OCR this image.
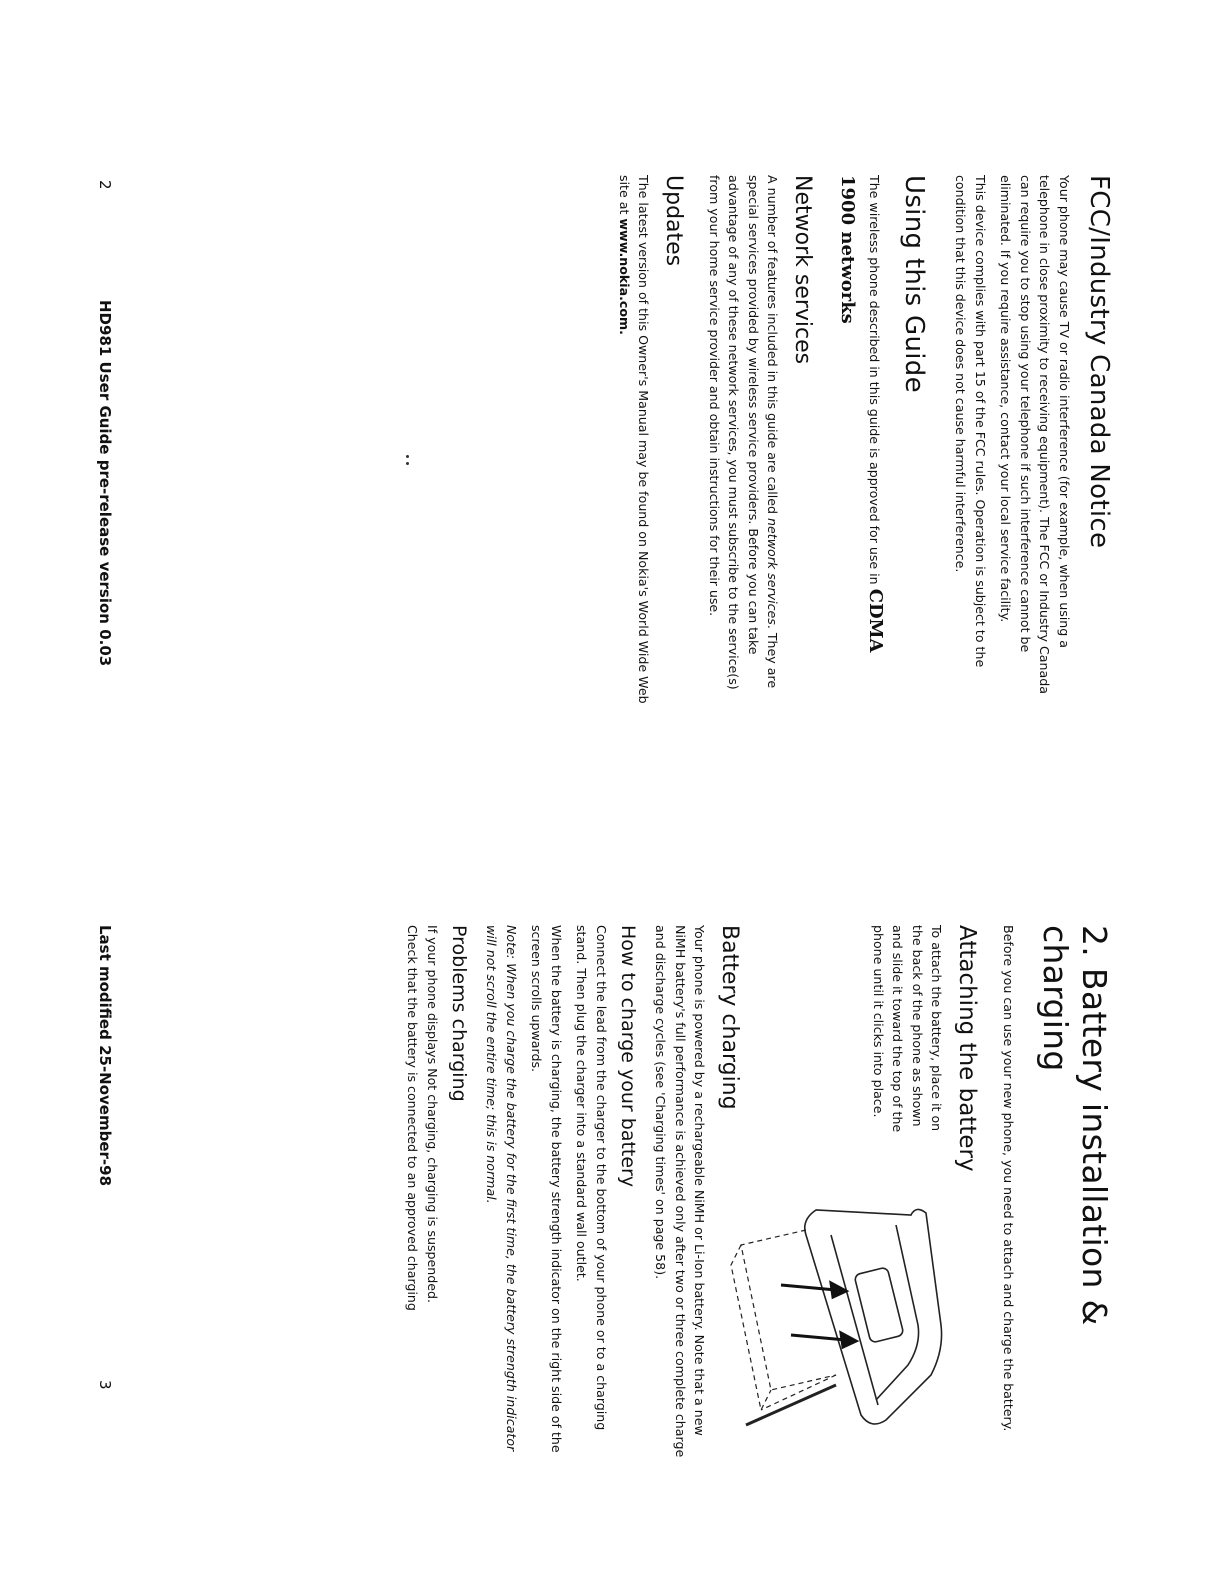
FCC/Industry Canada Notice

Your phone may cause TV or radio interference (for example, when using a telephone in close proximity to receiving equipment). The FCC or Industry Canada can require you to stop using your telephone if such interference cannot be eliminated. If you require assistance, contact your local service facility.

This device complies with part 15 of the FCC rules. Operation is subject to the condition that this device does not cause harmful interference.

Using this Guide

The wireless phone described in this guide is approved for use in CDMA 1900 networks

Network services

A number of features included in this guide are called network services. They are special services provided by wireless service providers. Before you can take advantage of any of these network services, you must subscribe to the service(s) from your home service provider and obtain instructions for their use.

Updates

The latest version of this Owner's Manual may be found on Nokia's World Wide Web site at www.nokia.com.

2. Battery installation & charging

Before you can use your new phone, you need to attach and charge the battery.

Attaching the battery

To attach the battery, place it on the back of the phone as shown and slide it toward the top of the phone until it clicks into place.

Battery charging

Your phone is powered by a rechargeable NiMH or Li-Ion battery. Note that a new NiMH battery's full performance is achieved only after two or three complete charge and discharge cycles (see 'Charging times' on page 58).

How to charge your battery

Connect the lead from the charger to the bottom of your phone or to a charging stand. Then plug the charger into a standard wall outlet.

When the battery is charging, the battery strength indicator on the right side of the screen scrolls upwards.

Note: When you charge the battery for the first time, the battery strength indicator will not scroll the entire time; this is normal.

Problems charging

If your phone displays Not charging, charging is suspended.

Check that the battery is connected to an approved charging

2
HD981 User Guide pre-release version 0.03
Last modified 25-November-98
3
